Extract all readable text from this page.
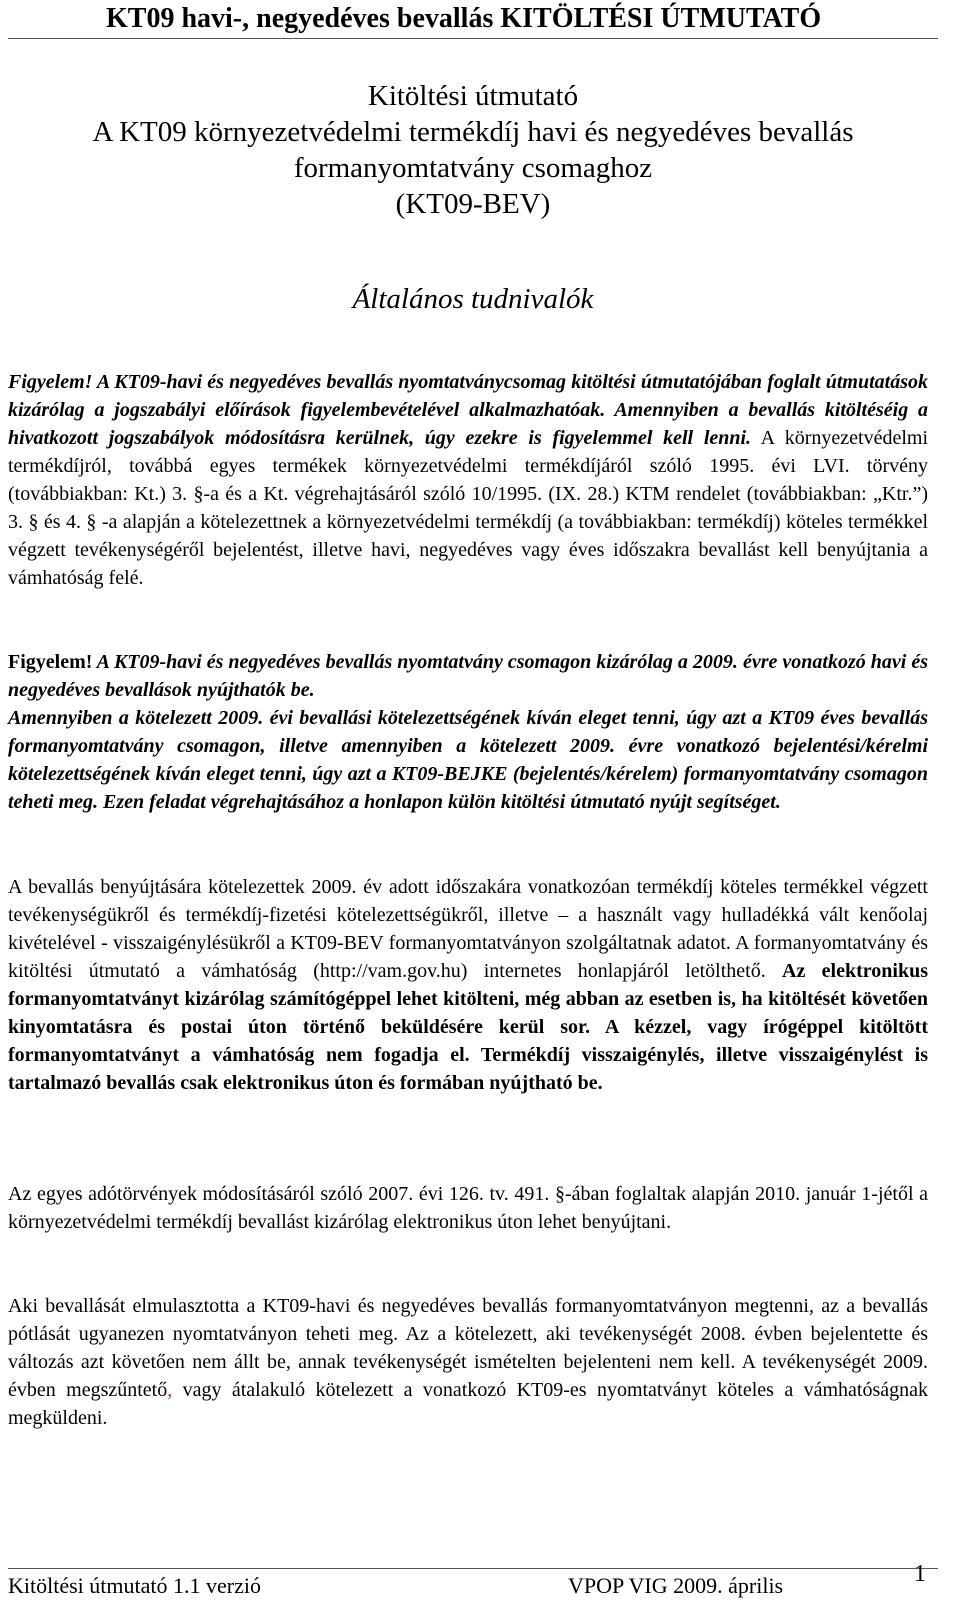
KT09 havi-, negyedéves bevallás KITÖLTÉSI ÚTMUTATÓ
Kitöltési útmutató
A KT09 környezetvédelmi termékdíj havi és negyedéves bevallás
formanyomtatvány csomaghoz
(KT09-BEV)
Általános tudnivalók
Figyelem! A KT09-havi és negyedéves bevallás nyomtatványcsomag kitöltési útmutatójában foglalt útmutatások kizárólag a jogszabályi előírások figyelembevételével alkalmazhatóak. Amennyiben a bevallás kitöltéséig a hivatkozott jogszabályok módosításra kerülnek, úgy ezekre is figyelemmel kell lenni. A környezetvédelmi termékdíjról, továbbá egyes termékek környezetvédelmi termékdíjáról szóló 1995. évi LVI. törvény (továbbiakban: Kt.) 3. §-a és a Kt. végrehajtásáról szóló 10/1995. (IX. 28.) KTM rendelet (továbbiakban: „Ktr.”) 3. § és 4. § -a alapján a kötelezettnek a környezetvédelmi termékdíj (a továbbiakban: termékdíj) köteles termékkel végzett tevékenységéről bejelentést, illetve havi, negyedéves vagy éves időszakra bevallást kell benyújtania a vámhatóság felé.
Figyelem! A KT09-havi és negyedéves bevallás nyomtatvány csomagon kizárólag a 2009. évre vonatkozó havi és negyedéves bevallások nyújthatók be.
Amennyiben a kötelezett 2009. évi bevallási kötelezettségének kíván eleget tenni, úgy azt a KT09 éves bevallás formanyomtatvány csomagon, illetve amennyiben a kötelezett 2009. évre vonatkozó bejelentési/kérelmi kötelezettségének kíván eleget tenni, úgy azt a KT09-BEJKE (bejelentés/kérelem) formanyomtatvány csomagon teheti meg. Ezen feladat végrehajtásához a honlapon külön kitöltési útmutató nyújt segítséget.
A bevallás benyújtására kötelezettek 2009. év adott időszakára vonatkozóan termékdíj köteles termékkel végzett tevékenységükről és termékdíj-fizetési kötelezettségükről, illetve – a használt vagy hulladékká vált kenőolaj kivételével - visszaigénylésükről a KT09-BEV formanyomtatványon szolgáltatnak adatot. A formanyomtatvány és kitöltési útmutató a vámhatóság (http://vam.gov.hu) internetes honlapjáról letölthető. Az elektronikus formanyomtatványt kizárólag számítógéppel lehet kitölteni, még abban az esetben is, ha kitöltését követően kinyomtatásra és postai úton történő beküldésére kerül sor. A kézzel, vagy írógéppel kitöltött formanyomtatványt a vámhatóság nem fogadja el. Termékdíj visszaigénylés, illetve visszaigénylést is tartalmazó bevallás csak elektronikus úton és formában nyújtható be.
Az egyes adótörvények módosításáról szóló 2007. évi 126. tv. 491. §-ában foglaltak alapján 2010. január 1-jétől a környezetvédelmi termékdíj bevallást kizárólag elektronikus úton lehet benyújtani.
Aki bevallását elmulasztotta a KT09-havi és negyedéves bevallás formanyomtatványon megtenni, az a bevallás pótlását ugyanezen nyomtatványon teheti meg. Az a kötelezett, aki tevékenységét 2008. évben bejelentette és változás azt követően nem állt be, annak tevékenységét ismételten bejelenteni nem kell. A tevékenységét 2009. évben megszűntető, vagy átalakuló kötelezett a vonatkozó KT09-es nyomtatványt köteles a vámhatóságnak megküldeni.
Kitöltési útmutató 1.1 verzió	VPOP VIG 2009. április	1
